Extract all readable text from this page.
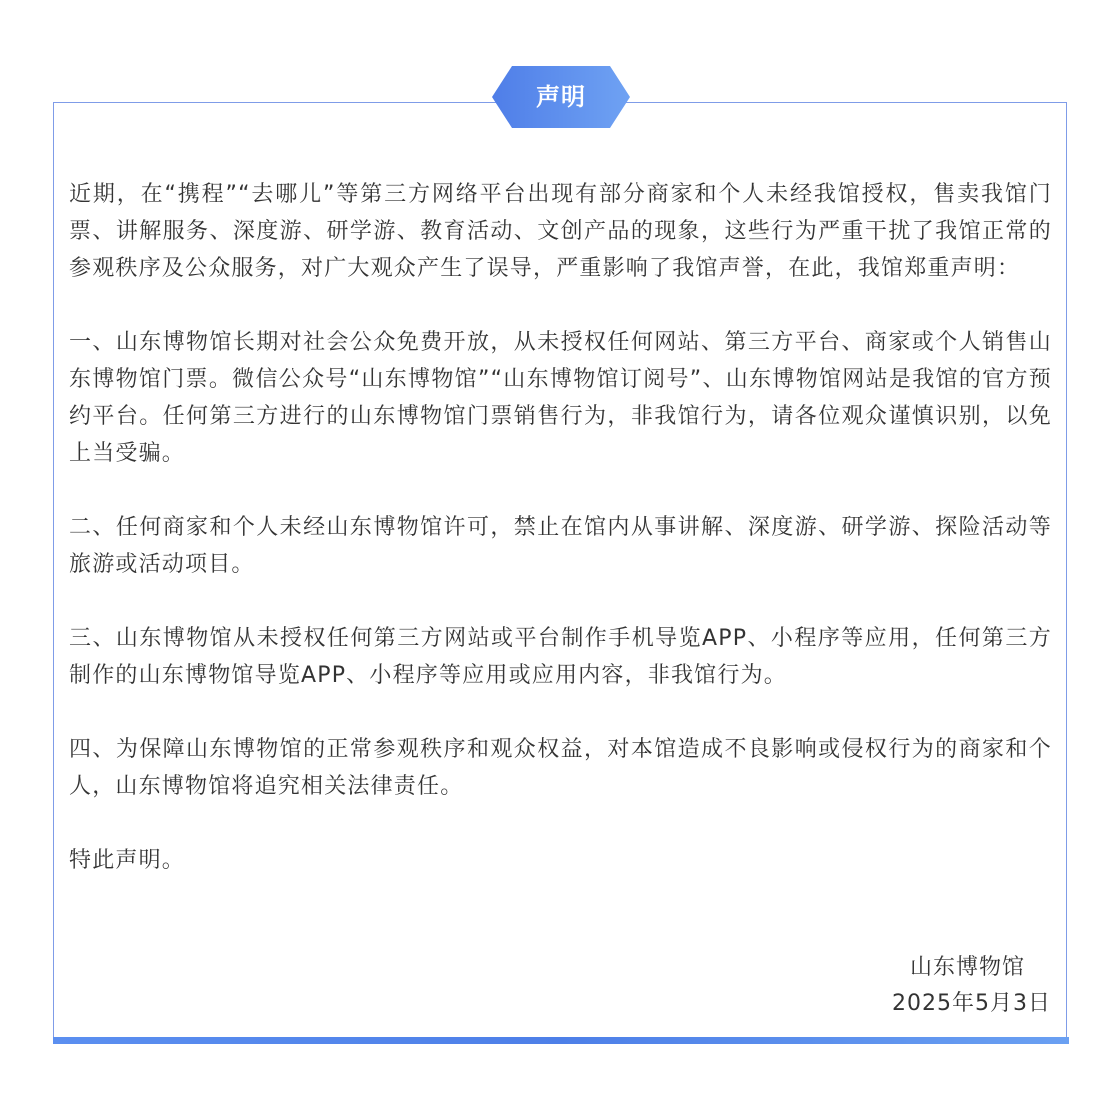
声明

近期，在“携程”“去哪儿”等第三方网络平台出现有部分商家和个人未经我馆授权，售卖我馆门票、讲解服务、深度游、研学游、教育活动、文创产品的现象，这些行为严重干扰了我馆正常的参观秩序及公众服务，对广大观众产生了误导，严重影响了我馆声誉，在此，我馆郑重声明：

一、山东博物馆长期对社会公众免费开放，从未授权任何网站、第三方平台、商家或个人销售山东博物馆门票。微信公众号“山东博物馆”“山东博物馆订阅号”、山东博物馆网站是我馆的官方预约平台。任何第三方进行的山东博物馆门票销售行为，非我馆行为，请各位观众谨慎识别，以免上当受骗。

二、任何商家和个人未经山东博物馆许可，禁止在馆内从事讲解、深度游、研学游、探险活动等旅游或活动项目。

三、山东博物馆从未授权任何第三方网站或平台制作手机导览APP、小程序等应用，任何第三方制作的山东博物馆导览APP、小程序等应用或应用内容，非我馆行为。

四、为保障山东博物馆的正常参观秩序和观众权益，对本馆造成不良影响或侵权行为的商家和个人，山东博物馆将追究相关法律责任。

特此声明。

山东博物馆
2025年5月3日
